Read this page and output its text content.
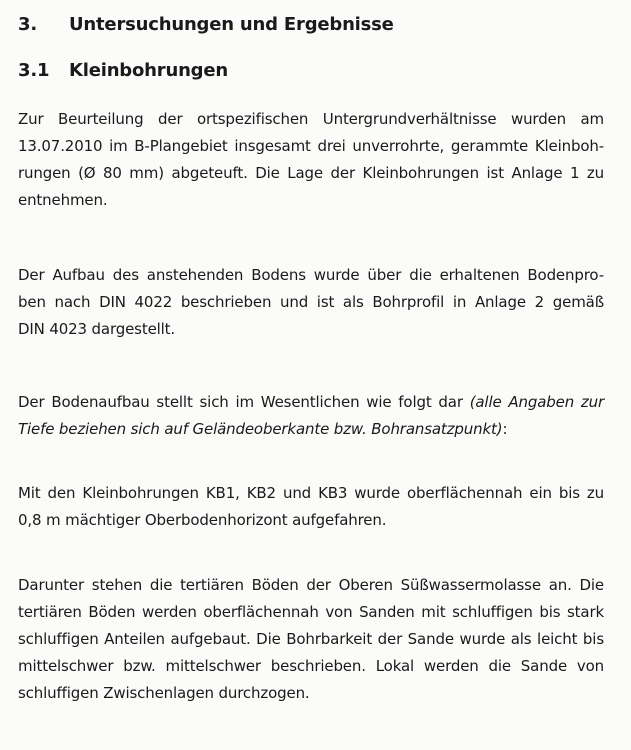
3. Untersuchungen und Ergebnisse
3.1 Kleinbohrungen
Zur Beurteilung der ortspezifischen Untergrundverhältnisse wurden am
13.07.2010 im B-Plangebiet insgesamt drei unverrohrte, gerammte Kleinboh-
rungen (Ø 80 mm) abgeteuft. Die Lage der Kleinbohrungen ist Anlage 1 zu
entnehmen.
Der Aufbau des anstehenden Bodens wurde über die erhaltenen Bodenpro-
ben nach DIN 4022 beschrieben und ist als Bohrprofil in Anlage 2 gemäß
DIN 4023 dargestellt.
Der Bodenaufbau stellt sich im Wesentlichen wie folgt dar (alle Angaben zur
Tiefe beziehen sich auf Geländeoberkante bzw. Bohransatzpunkt):
Mit den Kleinbohrungen KB1, KB2 und KB3 wurde oberflächennah ein bis zu
0,8 m mächtiger Oberbodenhorizont aufgefahren.
Darunter stehen die tertiären Böden der Oberen Süßwassermolasse an. Die
tertiären Böden werden oberflächennah von Sanden mit schluffigen bis stark
schluffigen Anteilen aufgebaut. Die Bohrbarkeit der Sande wurde als leicht bis
mittelschwer bzw. mittelschwer beschrieben. Lokal werden die Sande von
schluffigen Zwischenlagen durchzogen.
